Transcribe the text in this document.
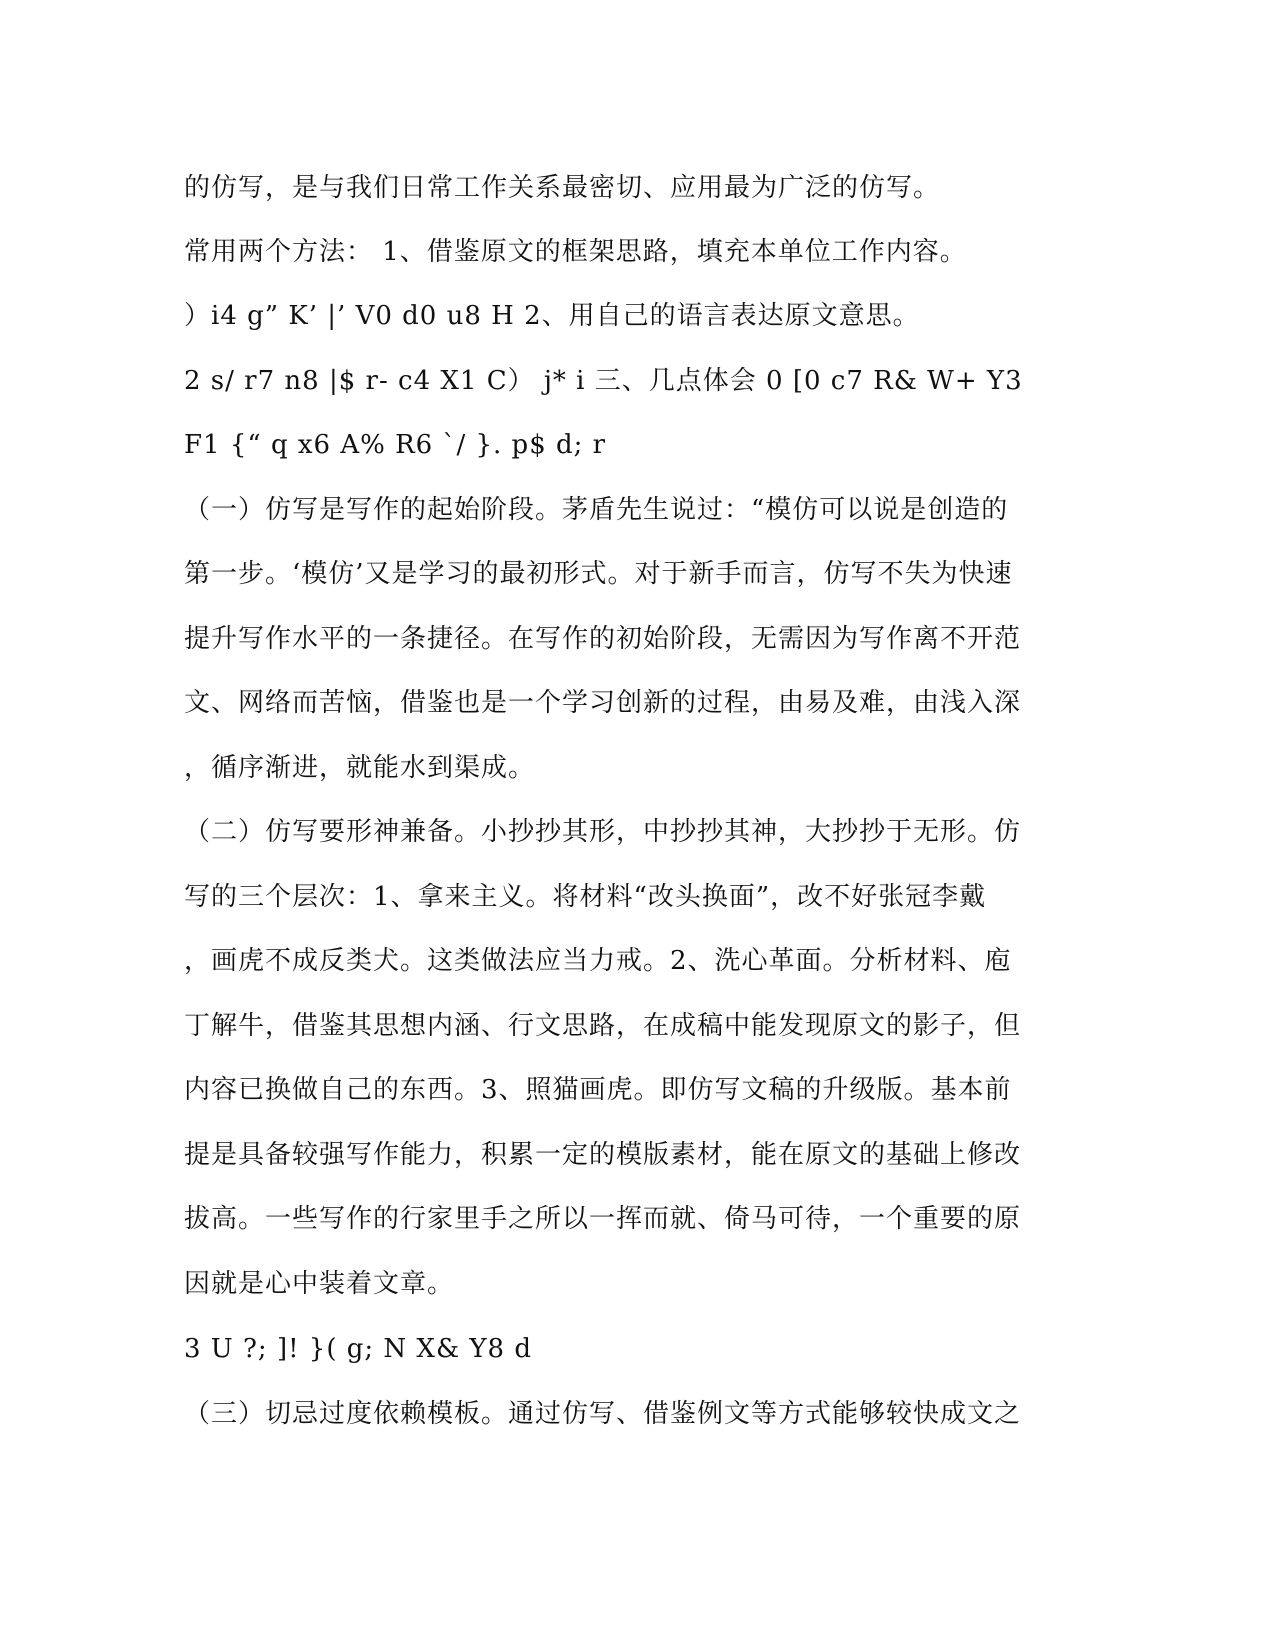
的仿写，是与我们日常工作关系最密切、应用最为广泛的仿写。
常用两个方法： 1、借鉴原文的框架思路，填充本单位工作内容。
）i4 g” K’ |’ V0 d0 u8 H 2、用自己的语言表达原文意思。
2 s/ r7 n8 |$ r- c4 X1 C） j* i 三、几点体会 0 [0 c7 R& W+ Y3
F1 {“ q x6 A% R6 `/ }. p$ d; r
（一）仿写是写作的起始阶段。茅盾先生说过：“模仿可以说是创造的
第一步。‘模仿’又是学习的最初形式。对于新手而言，仿写不失为快速
提升写作水平的一条捷径。在写作的初始阶段，无需因为写作离不开范
文、网络而苦恼，借鉴也是一个学习创新的过程，由易及难，由浅入深
，循序渐进，就能水到渠成。
（二）仿写要形神兼备。小抄抄其形，中抄抄其神，大抄抄于无形。仿
写的三个层次：1、拿来主义。将材料“改头换面”，改不好张冠李戴
，画虎不成反类犬。这类做法应当力戒。2、洗心革面。分析材料、庖
丁解牛，借鉴其思想内涵、行文思路，在成稿中能发现原文的影子，但
内容已换做自己的东西。3、照猫画虎。即仿写文稿的升级版。基本前
提是具备较强写作能力，积累一定的模版素材，能在原文的基础上修改
拔高。一些写作的行家里手之所以一挥而就、倚马可待，一个重要的原
因就是心中装着文章。
3 U ?; ]! }( g; N X& Y8 d
（三）切忌过度依赖模板。通过仿写、借鉴例文等方式能够较快成文之
